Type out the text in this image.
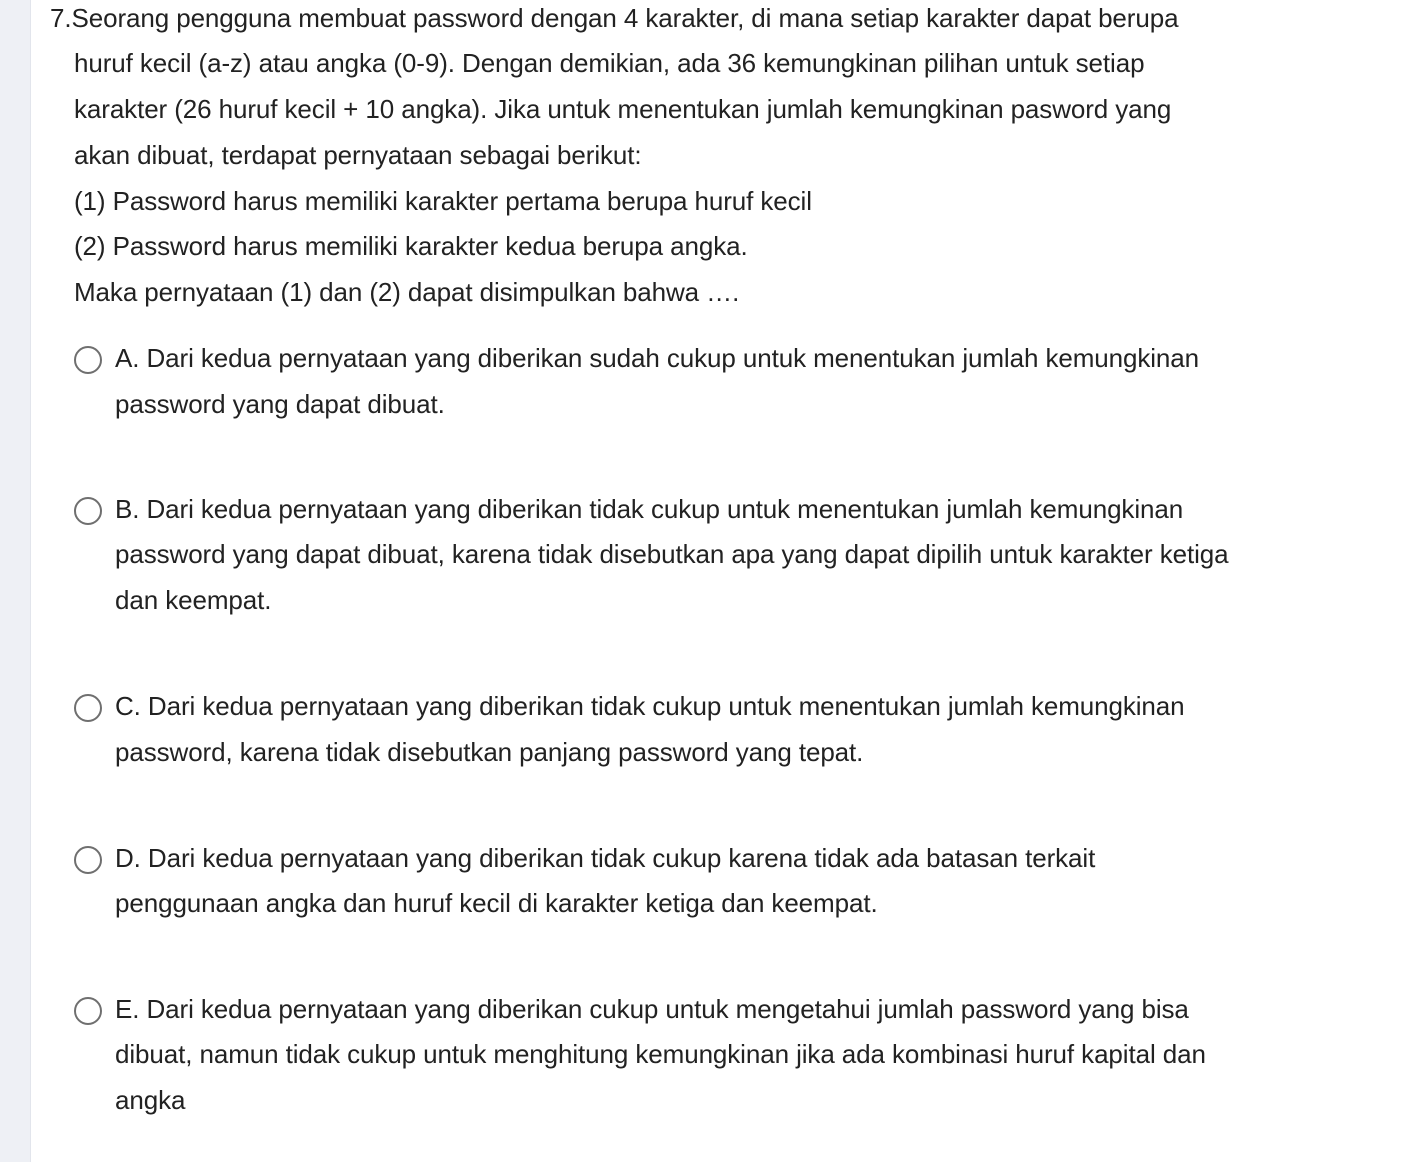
7.Seorang pengguna membuat password dengan 4 karakter, di mana setiap karakter dapat berupa
huruf kecil (a-z) atau angka (0-9). Dengan demikian, ada 36 kemungkinan pilihan untuk setiap
karakter (26 huruf kecil + 10 angka). Jika untuk menentukan jumlah kemungkinan pasword yang
akan dibuat, terdapat pernyataan sebagai berikut:
(1) Password harus memiliki karakter pertama berupa huruf kecil
(2) Password harus memiliki karakter kedua berupa angka.
Maka pernyataan (1) dan (2) dapat disimpulkan bahwa ….
A. Dari kedua pernyataan yang diberikan sudah cukup untuk menentukan jumlah kemungkinan
password yang dapat dibuat.
B. Dari kedua pernyataan yang diberikan tidak cukup untuk menentukan jumlah kemungkinan
password yang dapat dibuat, karena tidak disebutkan apa yang dapat dipilih untuk karakter ketiga
dan keempat.
C. Dari kedua pernyataan yang diberikan tidak cukup untuk menentukan jumlah kemungkinan
password, karena tidak disebutkan panjang password yang tepat.
D. Dari kedua pernyataan yang diberikan tidak cukup karena tidak ada batasan terkait
penggunaan angka dan huruf kecil di karakter ketiga dan keempat.
E. Dari kedua pernyataan yang diberikan cukup untuk mengetahui jumlah password yang bisa
dibuat, namun tidak cukup untuk menghitung kemungkinan jika ada kombinasi huruf kapital dan
angka
